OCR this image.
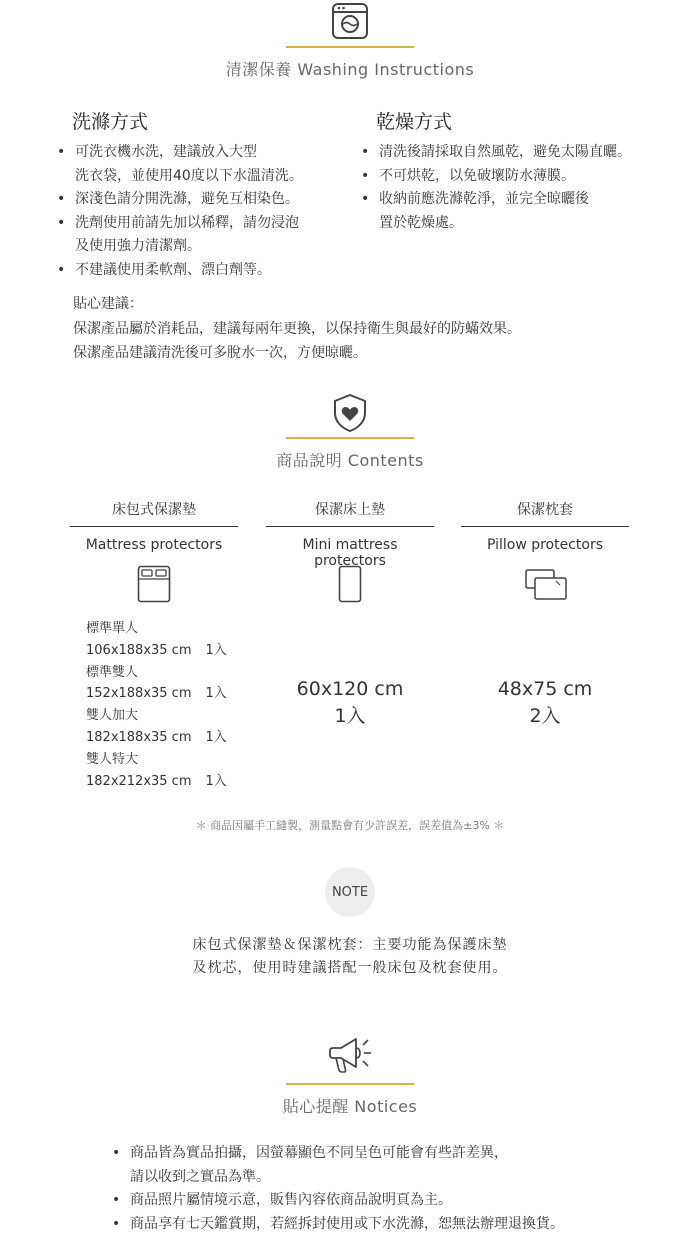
清潔保養 Washing Instructions
洗滌方式
• 可洗衣機水洗，建議放入大型
洗衣袋，並使用40度以下水溫清洗。
• 深淺色請分開洗滌，避免互相染色。
• 洗劑使用前請先加以稀釋，請勿浸泡
及使用強力清潔劑。
• 不建議使用柔軟劑、漂白劑等。
乾燥方式
• 清洗後請採取自然風乾，避免太陽直曬。
• 不可烘乾，以免破壞防水薄膜。
• 收納前應洗滌乾淨，並完全晾曬後
置於乾燥處。
貼心建議：
保潔產品屬於消耗品，建議每兩年更換，以保持衛生與最好的防蟎效果。
保潔產品建議清洗後可多脫水一次，方便晾曬。
商品說明 Contents
床包式保潔墊
Mattress protectors
保潔床上墊
Mini mattress protectors
保潔枕套
Pillow protectors
標準單人
106x188x35 cm 1入
標準雙人
152x188x35 cm 1入
雙人加大
182x188x35 cm 1入
雙人特大
182x212x35 cm 1入
60x120 cm
1入
48x75 cm
2入
＊ 商品因屬手工縫製，測量點會有少許誤差，誤差值為±3% ＊
NOTE
床包式保潔墊＆保潔枕套：主要功能為保護床墊
及枕芯，使用時建議搭配一般床包及枕套使用。
貼心提醒 Notices
• 商品皆為實品拍攝，因螢幕顯色不同呈色可能會有些許差異，
請以收到之實品為準。
• 商品照片屬情境示意，販售內容依商品說明頁為主。
• 商品享有七天鑑賞期，若經拆封使用或下水洗滌，恕無法辦理退換貨。
